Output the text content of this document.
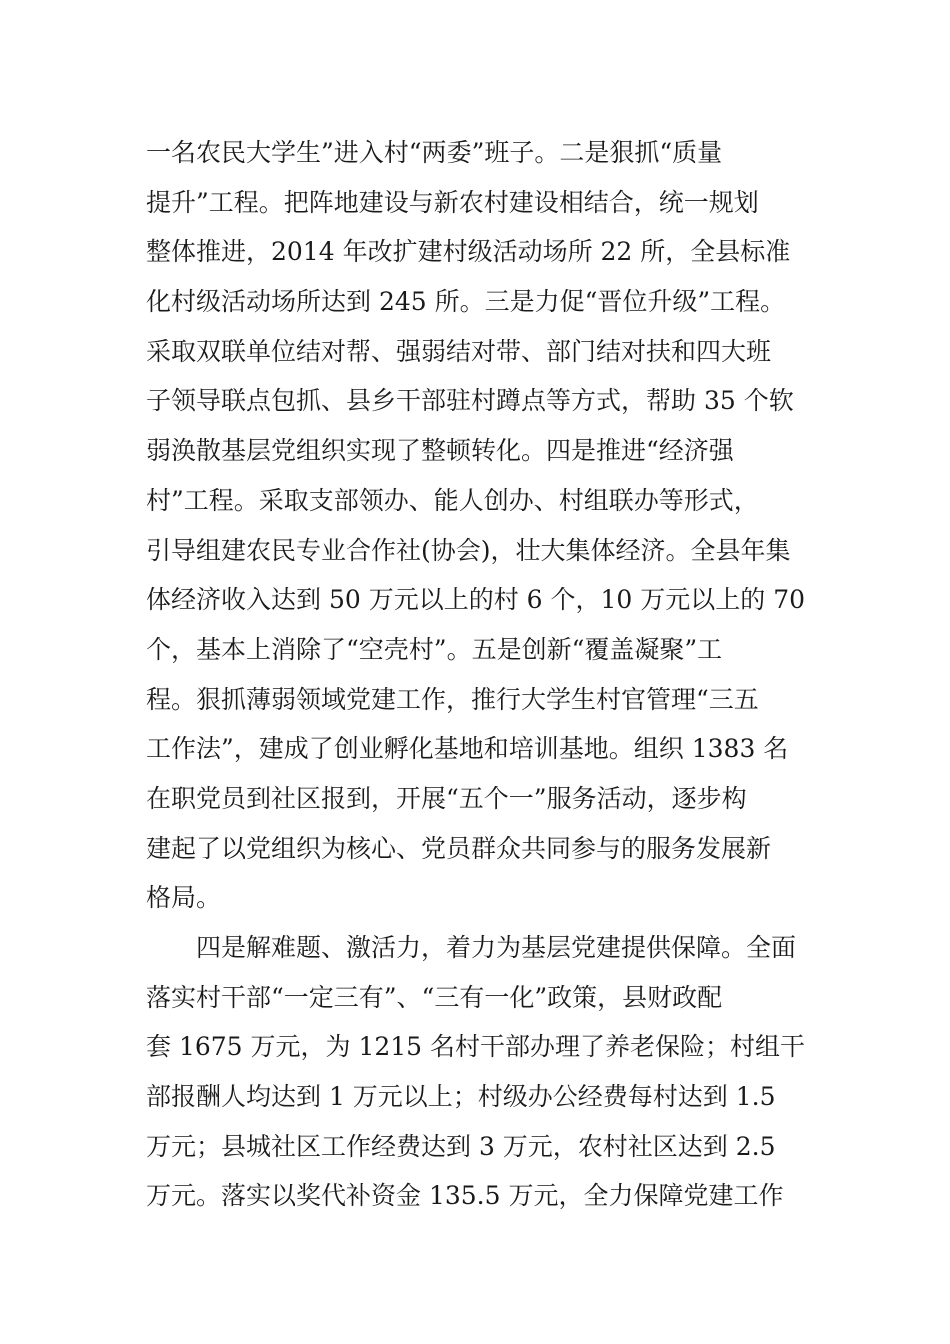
一名农民大学生”进入村“两委”班子。二是狠抓“质量
提升”工程。把阵地建设与新农村建设相结合，统一规划
整体推进，2014 年改扩建村级活动场所 22 所，全县标准
化村级活动场所达到 245 所。三是力促“晋位升级”工程。
采取双联单位结对帮、强弱结对带、部门结对扶和四大班
子领导联点包抓、县乡干部驻村蹲点等方式，帮助 35 个软
弱涣散基层党组织实现了整顿转化。四是推进“经济强
村”工程。采取支部领办、能人创办、村组联办等形式，
引导组建农民专业合作社(协会)，壮大集体经济。全县年集
体经济收入达到 50 万元以上的村 6 个，10 万元以上的 70
个，基本上消除了“空壳村”。五是创新“覆盖凝聚”工
程。狠抓薄弱领域党建工作，推行大学生村官管理“三五
工作法”，建成了创业孵化基地和培训基地。组织 1383 名
在职党员到社区报到，开展“五个一”服务活动，逐步构
建起了以党组织为核心、党员群众共同参与的服务发展新
格局。
　　四是解难题、激活力，着力为基层党建提供保障。全面
落实村干部“一定三有”、“三有一化”政策，县财政配
套 1675 万元，为 1215 名村干部办理了养老保险；村组干
部报酬人均达到 1 万元以上；村级办公经费每村达到 1.5
万元；县城社区工作经费达到 3 万元，农村社区达到 2.5
万元。落实以奖代补资金 135.5 万元，全力保障党建工作
